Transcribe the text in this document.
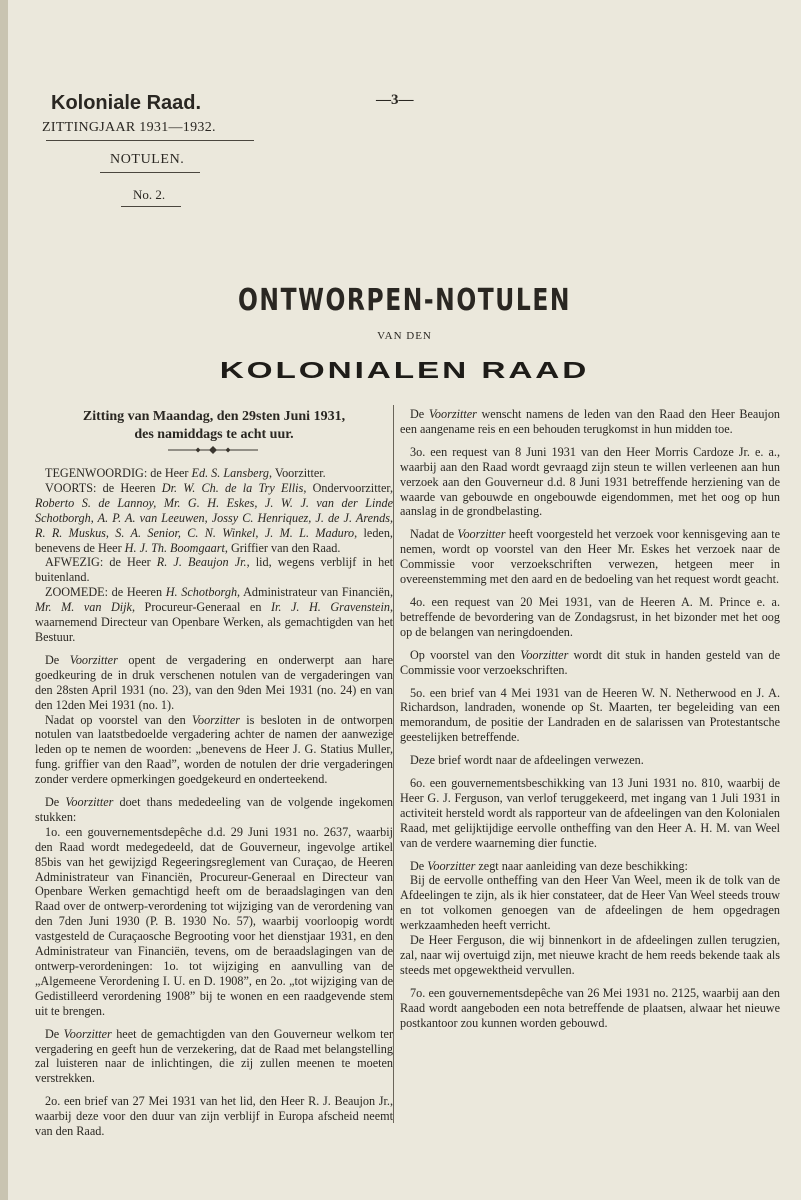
Koloniale Raad.
ZITTINGJAAR 1931—1932.
NOTULEN.
No. 2.
—3—
ONTWORPEN-NOTULEN
VAN DEN
KOLONIALEN RAAD
Zitting van Maandag, den 29sten Juni 1931,
des namiddags te acht uur.

TEGENWOORDIG: de Heer Ed. S. Lansberg, Voorzitter.

VOORTS: de Heeren Dr. W. Ch. de la Try Ellis, Ondervoorzitter, Roberto S. de Lannoy, Mr. G. H. Eskes, J. W. J. van der Linde Schotborgh, A. P. A. van Leeuwen, Jossy C. Henriquez, J. de J. Arends, R. R. Muskus, S. A. Senior, C. N. Winkel, J. M. L. Maduro, leden, benevens de Heer H. J. Th. Boomgaart, Griffier van den Raad.

AFWEZIG: de Heer R. J. Beaujon Jr., lid, wegens verblijf in het buitenland.

ZOOMEDE: de Heeren H. Schotborgh, Administrateur van Financiën, Mr. M. van Dijk, Procureur-Generaal en Ir. J. H. Gravenstein, waarnemend Directeur van Openbare Werken, als gemachtigden van het Bestuur.

De Voorzitter opent de vergadering en onderwerpt aan hare goedkeuring de in druk verschenen notulen van de vergaderingen van den 28sten April 1931 (no. 23), van den 9den Mei 1931 (no. 24) en van den 12den Mei 1931 (no. 1).

Nadat op voorstel van den Voorzitter is besloten in de ontworpen notulen van laatstbedoelde vergadering achter de namen der aanwezige leden op te nemen de woorden: „benevens de Heer J. G. Statius Muller, fung. griffier van den Raad”, worden de notulen der drie vergaderingen zonder verdere opmerkingen goedgekeurd en onderteekend.

De Voorzitter doet thans mededeeling van de volgende ingekomen stukken:

1o. een gouvernementsdepêche d.d. 29 Juni 1931 no. 2637, waarbij den Raad wordt medegedeeld, dat de Gouverneur, ingevolge artikel 85bis van het gewijzigd Regeeringsreglement van Curaçao, de Heeren Administrateur van Financiën, Procureur-Generaal en Directeur van Openbare Werken gemachtigd heeft om de beraadslagingen van den Raad over de ontwerp-verordening tot wijziging van de verordening van den 7den Juni 1930 (P. B. 1930 No. 57), waarbij voorloopig wordt vastgesteld de Curaçaosche Begrooting voor het dienstjaar 1931, en den Administrateur van Financiën, tevens, om de beraadslagingen van de ontwerp-verordeningen: 1o. tot wijziging en aanvulling van de „Algemeene Verordening I. U. en D. 1908”, en 2o. „tot wijziging van de Gedistilleerd verordening 1908” bij te wonen en een raadgevende stem uit te brengen.

De Voorzitter heet de gemachtigden van den Gouverneur welkom ter vergadering en geeft hun de verzekering, dat de Raad met belangstelling zal luisteren naar de inlichtingen, die zij zullen meenen te moeten verstrekken.

2o. een brief van 27 Mei 1931 van het lid, den Heer R. J. Beaujon Jr., waarbij deze voor den duur van zijn verblijf in Europa afscheid neemt van den Raad.

De Voorzitter wenscht namens de leden van den Raad den Heer Beaujon een aangename reis en een behouden terugkomst in hun midden toe.

3o. een request van 8 Juni 1931 van den Heer Morris Cardoze Jr. e. a., waarbij aan den Raad wordt gevraagd zijn steun te willen verleenen aan hun verzoek aan den Gouverneur d.d. 8 Juni 1931 betreffende herziening van de waarde van gebouwde en ongebouwde eigendommen, met het oog op hun aanslag in de grondbelasting.

Nadat de Voorzitter heeft voorgesteld het verzoek voor kennisgeving aan te nemen, wordt op voorstel van den Heer Mr. Eskes het verzoek naar de Commissie voor verzoekschriften verwezen, hetgeen meer in overeenstemming met den aard en de bedoeling van het request wordt geacht.

4o. een request van 20 Mei 1931, van de Heeren A. M. Prince e. a. betreffende de bevordering van de Zondagsrust, in het bizonder met het oog op de belangen van neringdoenden.

Op voorstel van den Voorzitter wordt dit stuk in handen gesteld van de Commissie voor verzoekschriften.

5o. een brief van 4 Mei 1931 van de Heeren W. N. Netherwood en J. A. Richardson, landraden, wonende op St. Maarten, ter begeleiding van een memorandum, de positie der Landraden en de salarissen van Protestantsche geestelijken betreffende.

Deze brief wordt naar de afdeelingen verwezen.

6o. een gouvernementsbeschikking van 13 Juni 1931 no. 810, waarbij de Heer G. J. Ferguson, van verlof teruggekeerd, met ingang van 1 Juli 1931 in activiteit hersteld wordt als rapporteur van de afdeelingen van den Kolonialen Raad, met gelijktijdige eervolle ontheffing van den Heer A. H. M. van Weel van de verdere waarneming dier functie.

De Voorzitter zegt naar aanleiding van deze beschikking:

Bij de eervolle ontheffing van den Heer Van Weel, meen ik de tolk van de Afdeelingen te zijn, als ik hier constateer, dat de Heer Van Weel steeds trouw en tot volkomen genoegen van de afdeelingen de hem opgedragen werkzaamheden heeft verricht.

De Heer Ferguson, die wij binnenkort in de afdeelingen zullen terugzien, zal, naar wij overtuigd zijn, met nieuwe kracht de hem reeds bekende taak als steeds met opgewektheid vervullen.

7o. een gouvernementsdepêche van 26 Mei 1931 no. 2125, waarbij aan den Raad wordt aangeboden een nota betreffende de plaatsen, alwaar het nieuwe postkantoor zou kunnen worden gebouwd.
